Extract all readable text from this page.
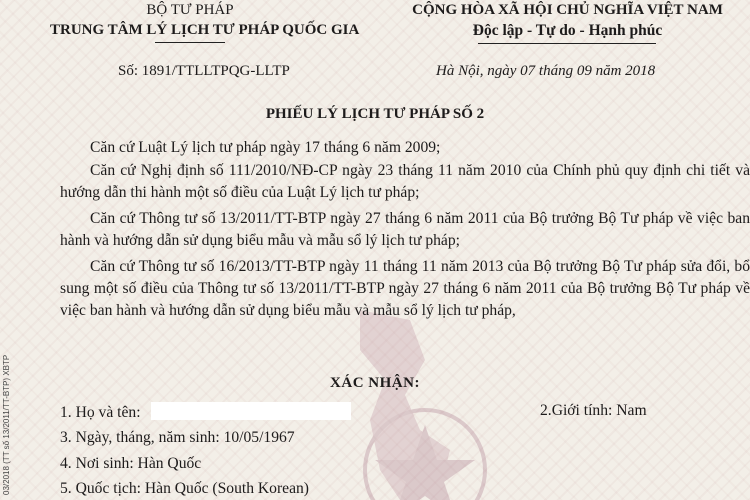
03/2018 (TT số 13/2011/TT-BTP) XBTP
BỘ TƯ PHÁP
TRUNG TÂM LÝ LỊCH TƯ PHÁP QUỐC GIA
Số: 1891/TTLLTPQG-LLTP
CỘNG HÒA XÃ HỘI CHỦ NGHĨA VIỆT NAM
Độc lập - Tự do - Hạnh phúc
Hà Nội, ngày 07 tháng 09 năm 2018
PHIẾU LÝ LỊCH TƯ PHÁP SỐ 2

Căn cứ Luật Lý lịch tư pháp ngày 17 tháng 6 năm 2009;

Căn cứ Nghị định số 111/2010/NĐ-CP ngày 23 tháng 11 năm 2010 của Chính phủ quy định chi tiết và hướng dẫn thi hành một số điều của Luật Lý lịch tư pháp;

Căn cứ Thông tư số 13/2011/TT-BTP ngày 27 tháng 6 năm 2011 của Bộ trưởng Bộ Tư pháp về việc ban hành và hướng dẫn sử dụng biểu mẫu và mẫu sổ lý lịch tư pháp;

Căn cứ Thông tư số 16/2013/TT-BTP ngày 11 tháng 11 năm 2013 của Bộ trưởng Bộ Tư pháp sửa đổi, bổ sung một số điều của Thông tư số 13/2011/TT-BTP ngày 27 tháng 6 năm 2011 của Bộ trưởng Bộ Tư pháp về việc ban hành và hướng dẫn sử dụng biểu mẫu và mẫu sổ lý lịch tư pháp,

XÁC NHẬN:
1. Họ và tên:	2.Giới tính: Nam
3. Ngày, tháng, năm sinh: 10/05/1967
4. Nơi sinh: Hàn Quốc
5. Quốc tịch: Hàn Quốc (South Korean)
